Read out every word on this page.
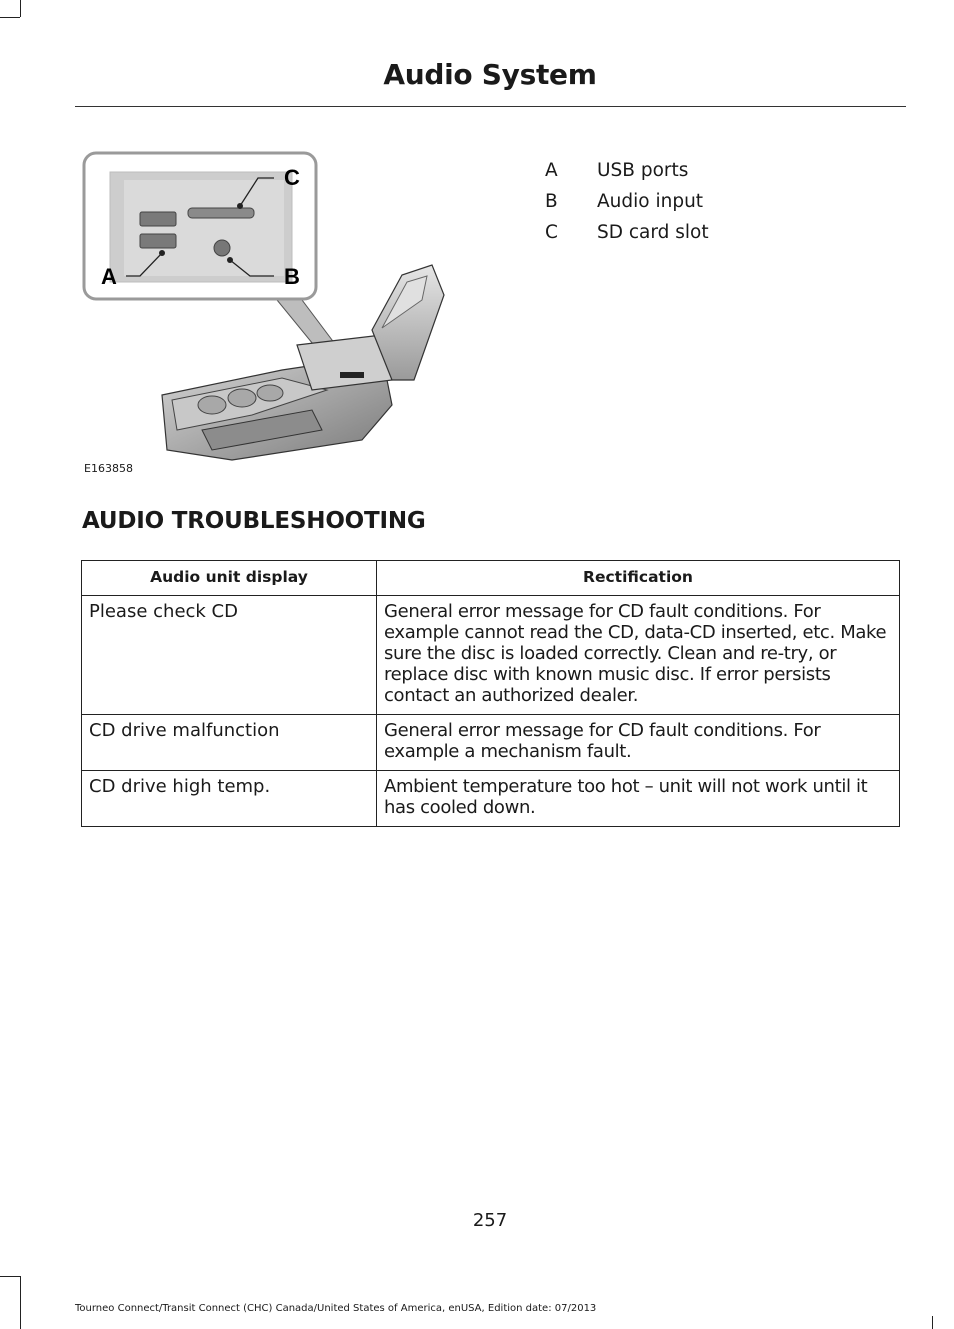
Audio System
C
A	B
E163858
A	USB ports
B	Audio input
C	SD card slot
AUDIO TROUBLESHOOTING
Audio unit display	Rectification
Please check CD	General error message for CD fault conditions. For example cannot read the CD, data-CD inserted, etc. Make sure the disc is loaded correctly. Clean and re-try, or replace disc with known music disc. If error persists contact an authorized dealer.
CD drive malfunction	General error message for CD fault conditions. For example a mechanism fault.
CD drive high temp.	Ambient temperature too hot – unit will not work until it has cooled down.
257
Tourneo Connect/Transit Connect (CHC) Canada/United States of America, enUSA, Edition date: 07/2013
